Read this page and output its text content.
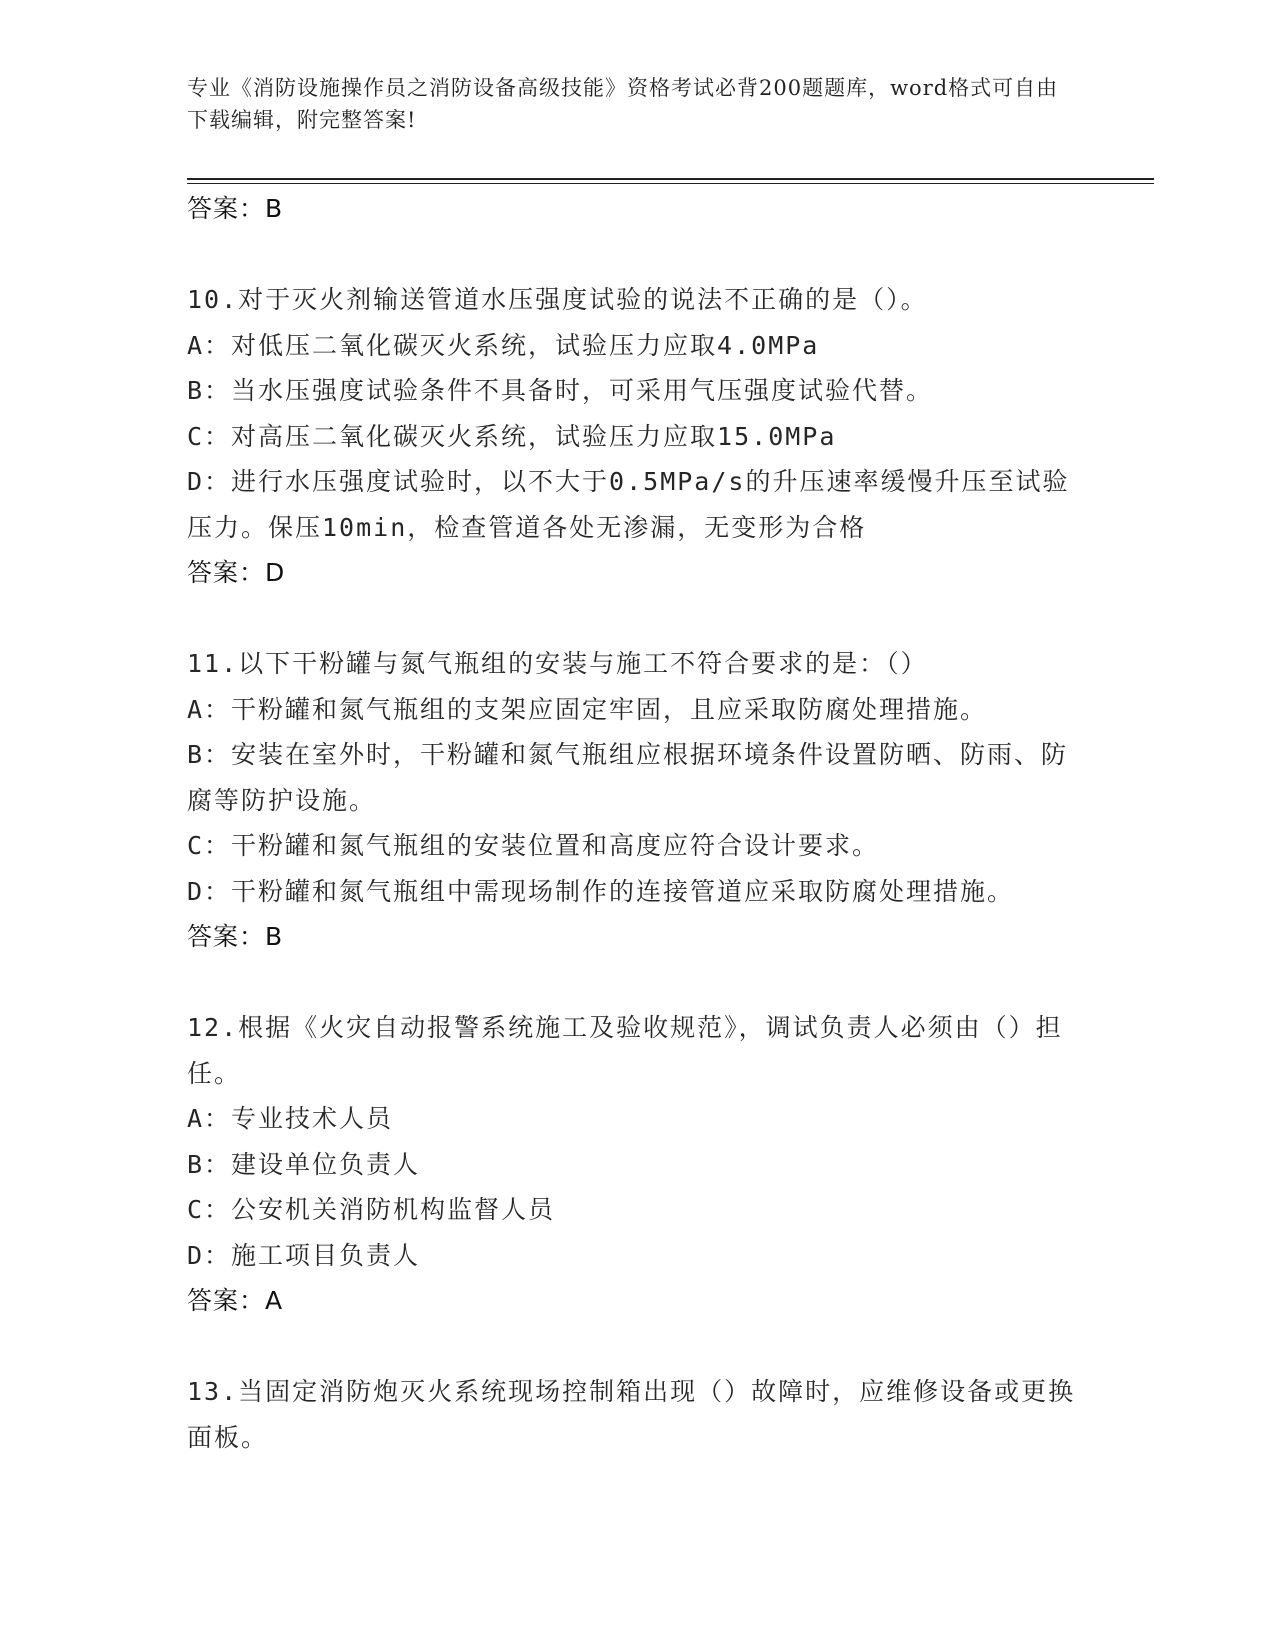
专业《消防设施操作员之消防设备高级技能》资格考试必背200题题库，word格式可自由下载编辑，附完整答案!
答案：B
10.对于灭火剂输送管道水压强度试验的说法不正确的是（）。
A：对低压二氧化碳灭火系统，试验压力应取4.0MPa
B：当水压强度试验条件不具备时，可采用气压强度试验代替。
C：对高压二氧化碳灭火系统，试验压力应取15.0MPa
D：进行水压强度试验时，以不大于0.5MPa/s的升压速率缓慢升压至试验压力。保压10min，检查管道各处无渗漏，无变形为合格
答案：D
11.以下干粉罐与氮气瓶组的安装与施工不符合要求的是：（）
A：干粉罐和氮气瓶组的支架应固定牢固，且应采取防腐处理措施。
B：安装在室外时，干粉罐和氮气瓶组应根据环境条件设置防晒、防雨、防腐等防护设施。
C：干粉罐和氮气瓶组的安装位置和高度应符合设计要求。
D：干粉罐和氮气瓶组中需现场制作的连接管道应采取防腐处理措施。
答案：B
12.根据《火灾自动报警系统施工及验收规范》，调试负责人必须由（）担任。
A：专业技术人员
B：建设单位负责人
C：公安机关消防机构监督人员
D：施工项目负责人
答案：A
13.当固定消防炮灭火系统现场控制箱出现（）故障时，应维修设备或更换面板。
